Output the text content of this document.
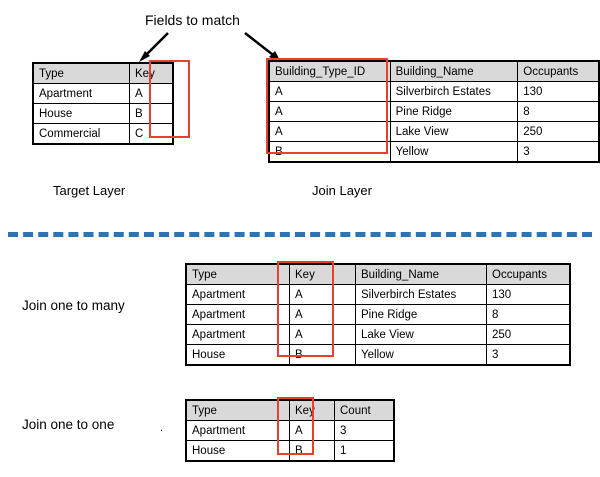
Fields to match
Type	Key
Apartment	A
House	B
Commercial	C
Target Layer
Building_Type_ID	Building_Name	Occupants
A	Silverbirch Estates	130
A	Pine Ridge	8
A	Lake View	250
B	Yellow	3
Join Layer
Join one to many
Type	Key	Building_Name	Occupants
Apartment	A	Silverbirch Estates	130
Apartment	A	Pine Ridge	8
Apartment	A	Lake View	250
House	B	Yellow	3
Join one to one	.
Type	Key	Count
Apartment	A	3
House	B	1
